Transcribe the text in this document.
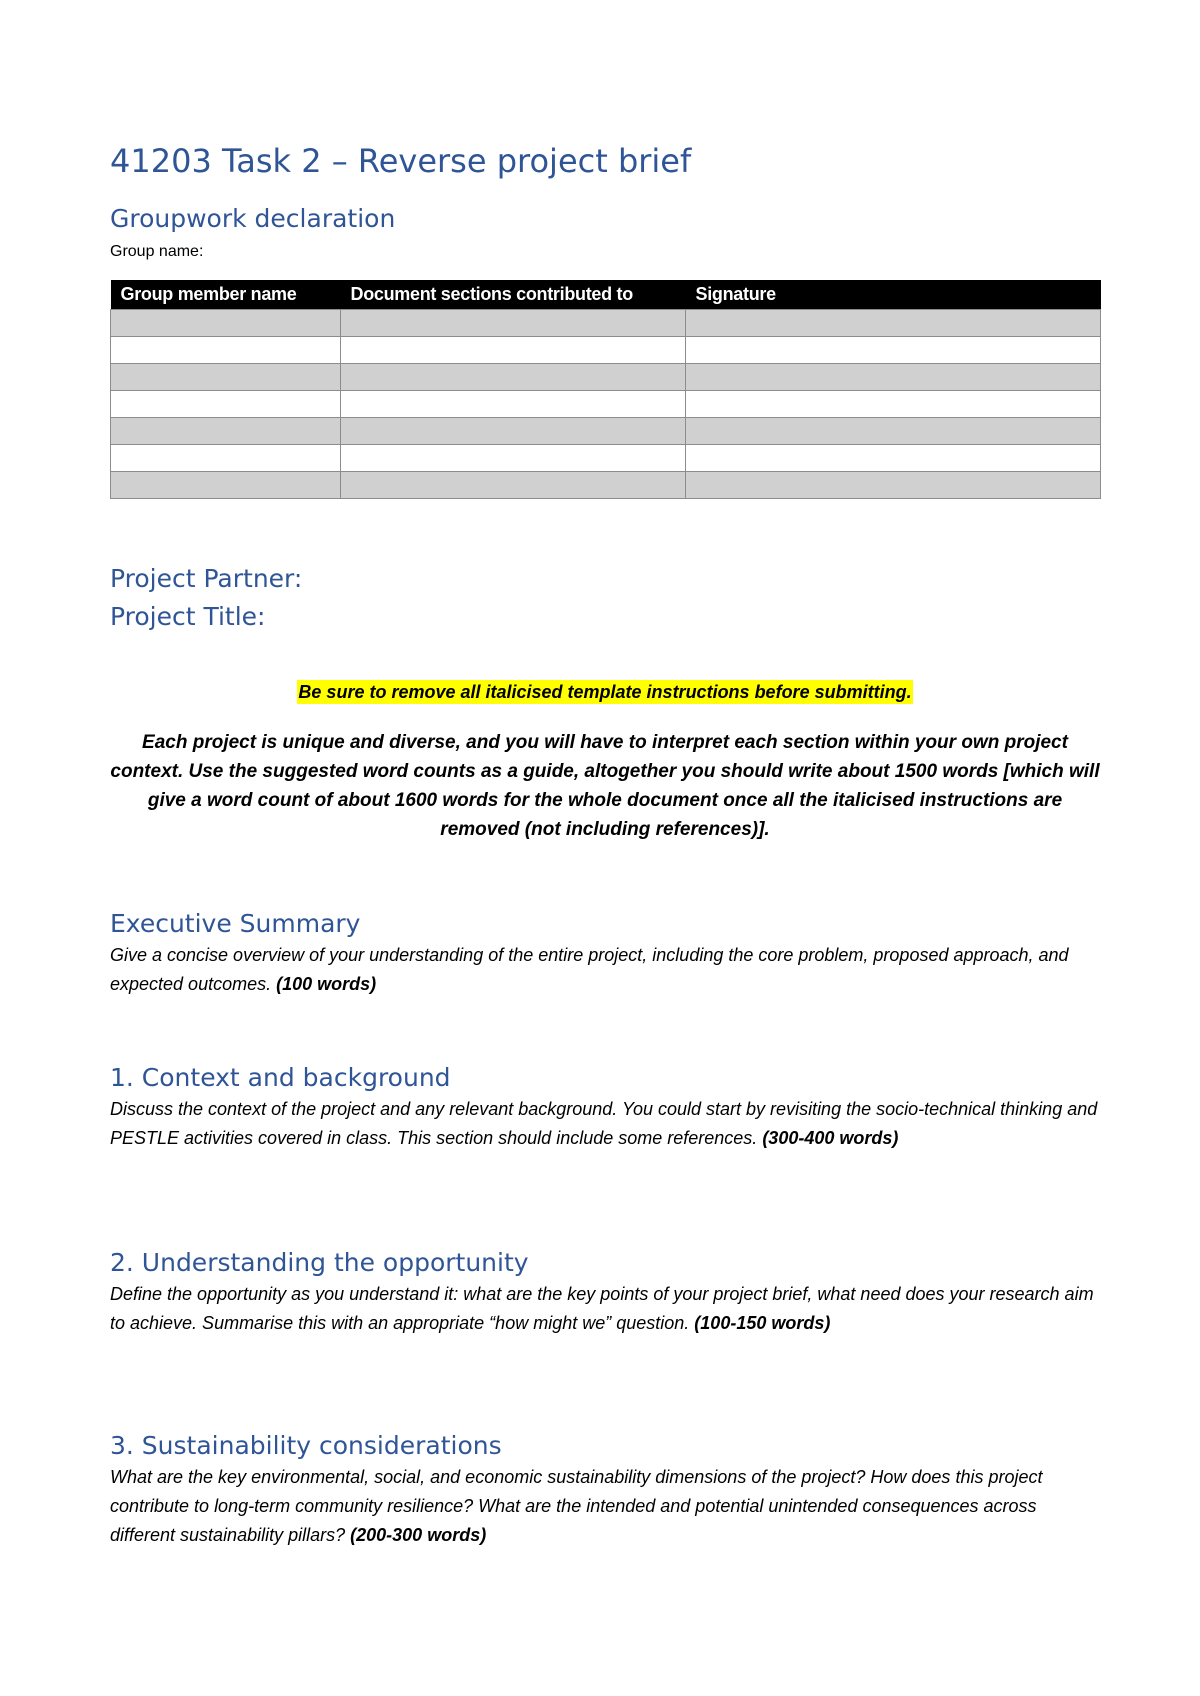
41203 Task 2 – Reverse project brief
Groupwork declaration

Group name:

Group member name	Document sections contributed to	Signature

Project Partner:

Project Title:

Be sure to remove all italicised template instructions before submitting.

Each project is unique and diverse, and you will have to interpret each section within your own project context. Use the suggested word counts as a guide, altogether you should write about 1500 words [which will give a word count of about 1600 words for the whole document once all the italicised instructions are removed (not including references)].

Executive Summary

Give a concise overview of your understanding of the entire project, including the core problem, proposed approach, and expected outcomes. (100 words)

1. Context and background

Discuss the context of the project and any relevant background. You could start by revisiting the socio-technical thinking and PESTLE activities covered in class. This section should include some references. (300-400 words)

2. Understanding the opportunity

Define the opportunity as you understand it: what are the key points of your project brief, what need does your research aim to achieve. Summarise this with an appropriate “how might we” question. (100-150 words)

3. Sustainability considerations

What are the key environmental, social, and economic sustainability dimensions of the project? How does this project contribute to long-term community resilience? What are the intended and potential unintended consequences across different sustainability pillars? (200-300 words)
